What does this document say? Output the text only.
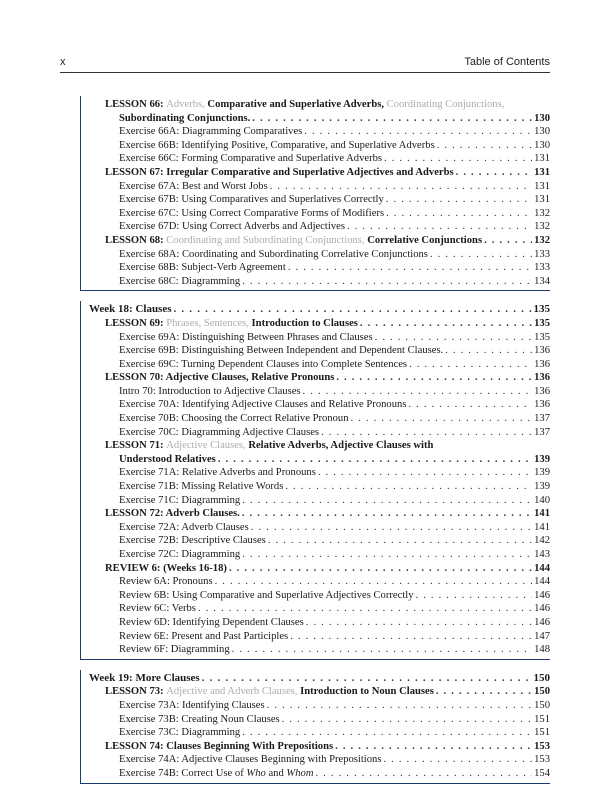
x	Table of Contents
LESSON 66: Adverbs, Comparative and Superlative Adverbs, Coordinating Conjunctions,
Subordinating Conjunctions. . . .	130
Exercise 66A: Diagramming Comparatives . . .	130
Exercise 66B: Identifying Positive, Comparative, and Superlative Adverbs . . .	130
Exercise 66C: Forming Comparative and Superlative Adverbs . . .	131
LESSON 67: Irregular Comparative and Superlative Adjectives and Adverbs . . .	131
Exercise 67A: Best and Worst Jobs . . .	131
Exercise 67B: Using Comparatives and Superlatives Correctly . . .	131
Exercise 67C: Using Correct Comparative Forms of Modifiers . . .	132
Exercise 67D: Using Correct Adverbs and Adjectives . . .	132
LESSON 68: Coordinating and Subordinating Conjunctions, Correlative Conjunctions . . .	132
Exercise 68A: Coordinating and Subordinating Correlative Conjunctions . . .	133
Exercise 68B: Subject-Verb Agreement . . .	133
Exercise 68C: Diagramming . . .	134
Week 18: Clauses . . .	135
LESSON 69: Phrases, Sentences, Introduction to Clauses . . .	135
Exercise 69A: Distinguishing Between Phrases and Clauses . . .	135
Exercise 69B: Distinguishing Between Independent and Dependent Clauses. . . .	136
Exercise 69C: Turning Dependent Clauses into Complete Sentences . . .	136
LESSON 70: Adjective Clauses, Relative Pronouns . . .	136
Intro 70: Introduction to Adjective Clauses . . .	136
Exercise 70A: Identifying Adjective Clauses and Relative Pronouns . . .	136
Exercise 70B: Choosing the Correct Relative Pronoun . . .	137
Exercise 70C: Diagramming Adjective Clauses . . .	137
LESSON 71: Adjective Clauses, Relative Adverbs, Adjective Clauses with
Understood Relatives . . .	139
Exercise 71A: Relative Adverbs and Pronouns . . .	139
Exercise 71B: Missing Relative Words . . .	139
Exercise 71C: Diagramming . . .	140
LESSON 72: Adverb Clauses. . . .	141
Exercise 72A: Adverb Clauses . . .	141
Exercise 72B: Descriptive Clauses . . .	142
Exercise 72C: Diagramming . . .	143
REVIEW 6: (Weeks 16-18) . . .	144
Review 6A: Pronouns . . .	144
Review 6B: Using Comparative and Superlative Adjectives Correctly . . .	146
Review 6C: Verbs . . .	146
Review 6D: Identifying Dependent Clauses . . .	146
Review 6E: Present and Past Participles . . .	147
Review 6F: Diagramming . . .	148
Week 19: More Clauses . . .	150
LESSON 73: Adjective and Adverb Clauses, Introduction to Noun Clauses . . .	150
Exercise 73A: Identifying Clauses . . .	150
Exercise 73B: Creating Noun Clauses . . .	151
Exercise 73C: Diagramming . . .	151
LESSON 74: Clauses Beginning With Prepositions . . .	153
Exercise 74A: Adjective Clauses Beginning with Prepositions . . .	153
Exercise 74B: Correct Use of Who and Whom . . .	154
